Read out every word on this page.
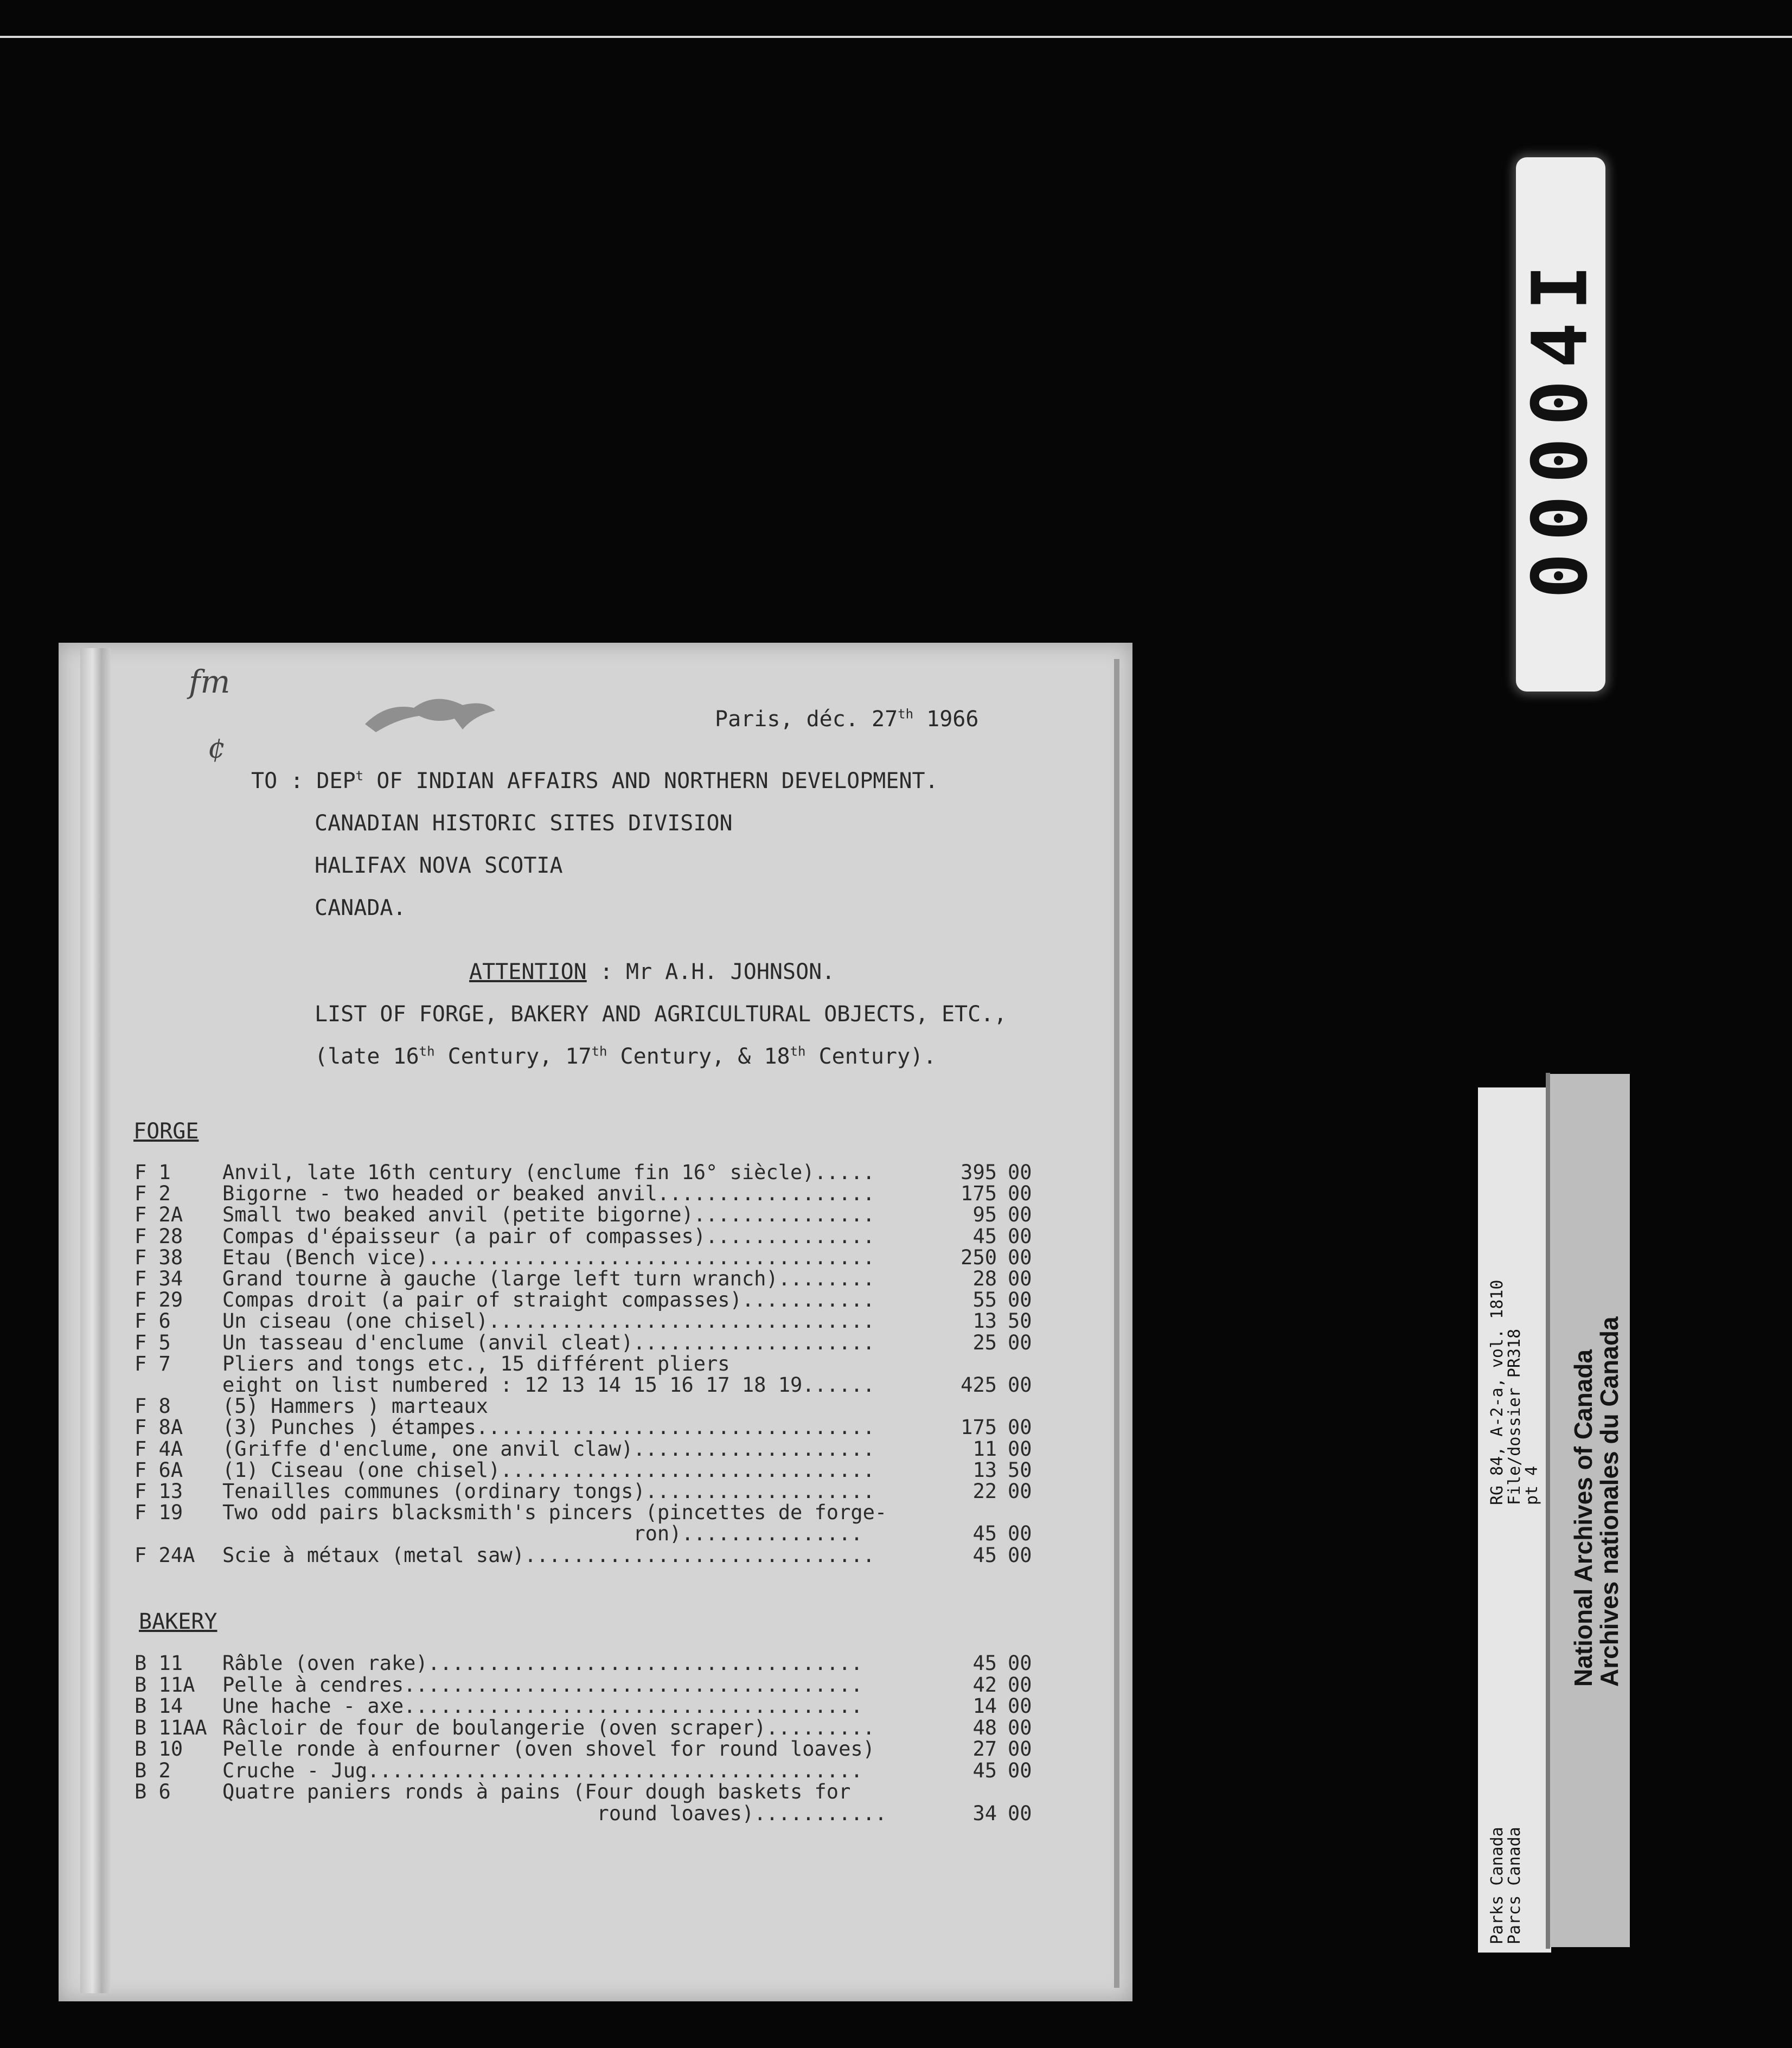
00004I
fm
¢
Paris, déc. 27th 1966
TO : DEP$^t$ OF INDIAN AFFAIRS AND NORTHERN DEVELOPMENT.
CANADIAN HISTORIC SITES DIVISION
HALIFAX NOVA SCOTIA
CANADA.
ATTENTION : Mr A.H. JOHNSON.
LIST OF FORGE, BAKERY AND AGRICULTURAL OBJECTS, ETC.,
(late 16th Century, 17th Century, & 18th Century).
FORGE
F 1	Anvil, late 16th century (enclume fin 16° siècle).....	395 00
F 2	Bigorne - two headed or beaked anvil..................	175 00
F 2A	Small two beaked anvil (petite bigorne)...............	95 00
F 28	Compas d'épaisseur (a pair of compasses)..............	45 00
F 38	Etau (Bench vice).....................................	250 00
F 34	Grand tourne à gauche (large left turn wranch)........	28 00
F 29	Compas droit (a pair of straight compasses)...........	55 00
F 6	Un ciseau (one chisel)................................	13 50
F 5	Un tasseau d'enclume (anvil cleat)....................	25 00
F 7	Pliers and tongs etc., 15 différent pliers
eight on list numbered : 12 13 14 15 16 17 18 19......	425 00
F 8	(5) Hammers ) marteaux
F 8A	(3) Punches ) étampes.................................	175 00
F 4A	(Griffe d'enclume, one anvil claw)....................	11 00
F 6A	(1) Ciseau (one chisel)...............................	13 50
F 13	Tenailles communes (ordinary tongs)...................	22 00
F 19	Two odd pairs blacksmith's pincers (pincettes de forge-
ron)...............	45 00
F 24A	Scie à métaux (metal saw).............................	45 00
BAKERY
B 11	Râble (oven rake)....................................	45 00
B 11A	Pelle à cendres......................................	42 00
B 14	Une hache - axe......................................	14 00
B 11AA Râcloir de four de boulangerie (oven scraper).........	48 00
B 10	Pelle ronde à enfourner (oven shovel for round loaves)	27 00
B 2	Cruche - Jug.........................................	45 00
B 6	Quatre paniers ronds à pains (Four dough baskets for
round loaves)...........	34 00
RG 84, A-2-a, vol. 1810
File/dossier PR318
pt 4
Parks Canada
Parcs Canada
National Archives of Canada
Archives nationales du Canada
